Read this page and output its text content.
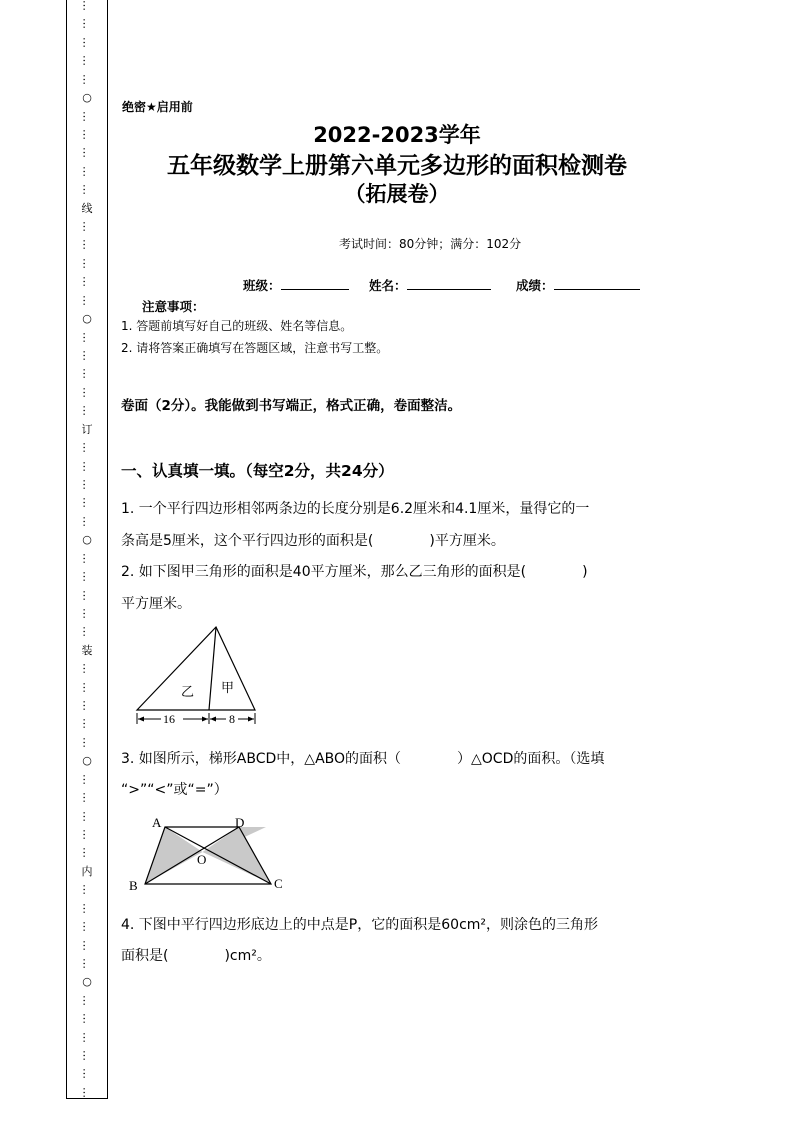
…
…
…
…
…
○
…
…
…
…
…
线
…
…
…
…
…
○
…
…
…
…
…
订
…
…
…
…
…
○
…
…
…
…
…
装
…
…
…
…
…
○
…
…
…
…
…
内
…
…
…
…
…
○
…
…
…
…
…
…
绝密★启用前
2022-2023学年
五年级数学上册第六单元多边形的面积检测卷
（拓展卷）
考试时间：80分钟；满分：102分
班级：	姓名：	成绩：
注意事项：
1. 答题前填写好自己的班级、姓名等信息。
2. 请将答案正确填写在答题区域，注意书写工整。
卷面（2分）。我能做到书写端正，格式正确，卷面整洁。
一、认真填一填。（每空2分，共24分）
1. 一个平行四边形相邻两条边的长度分别是6.2厘米和4.1厘米，量得它的一
条高是5厘米，这个平行四边形的面积是(　　　　)平方厘米。
2. 如下图甲三角形的面积是40平方厘米，那么乙三角形的面积是(　　　　)
平方厘米。
乙 甲
16	8
3. 如图所示，梯形ABCD中，△ABO的面积（　　　　）△OCD的面积。（选填
“>”“<”或“=”）
A	D
B	C
O
4. 下图中平行四边形底边上的中点是P，它的面积是60cm²，则涂色的三角形
面积是(　　　　)cm²。
